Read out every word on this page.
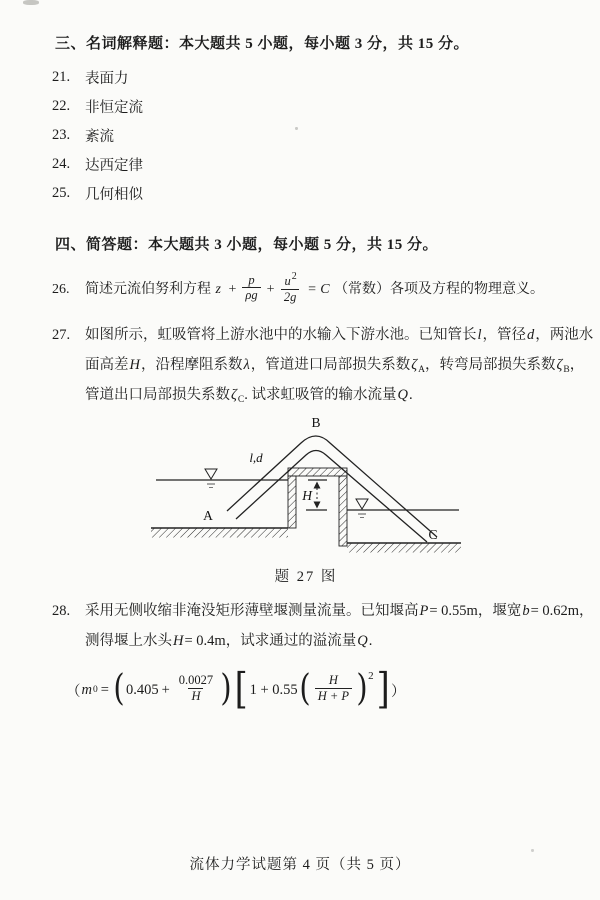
三、名词解释题：本大题共 5 小题，每小题 3 分，共 15 分。
21.	表面力
22.	非恒定流
23.	紊流
24.	达西定律
25.	几何相似
四、简答题：本大题共 3 小题，每小题 5 分，共 15 分。
26. 简述元流伯努利方程 $z + \frac{p}{\rho g} + \frac{u^2}{2g} = C$ （常数）各项及方程的物理意义。
27. 如图所示，虹吸管将上游水池中的水输入下游水池。已知管长l，管径d，两池水
面高差H，沿程摩阻系数λ，管道进口局部损失系数$\zeta_A$，转弯局部损失系数$\zeta_B$，
管道出口局部损失系数$\zeta_C$. 试求虹吸管的输水流量Q.
H
B
A
C
l,d
题 27 图
28. 采用无侧收缩非淹没矩形薄壁堰测量流量。已知堰高P= 0.55m，堰宽b= 0.62m，
测得堰上水头H= 0.4m，试求通过的溢流量Q.
（ m 0 = ( $0.405 + \frac{0.0027}{H}$ ) [ 1 + 0.55 ( $\frac{H}{H + P}$ ) 2 ] ）
流体力学试题第 4 页（共 5 页）
